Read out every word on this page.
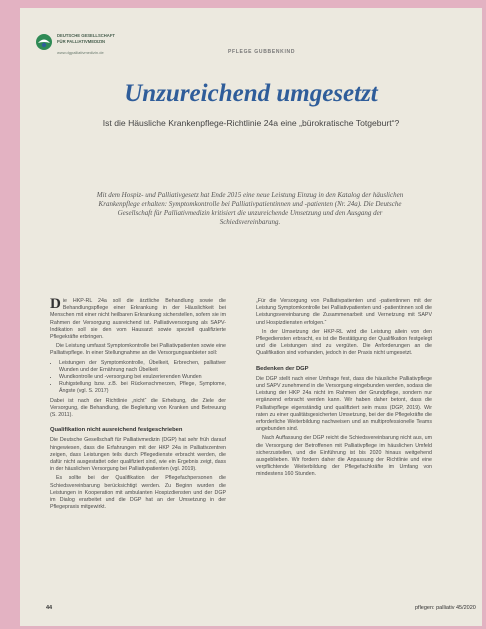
DEUTSCHE GESELLSCHAFT
FÜR PALLIATIVMEDIZIN
www.dgpalliativmedizin.de	PFLEGE GUBBENKIND
Unzureichend umgesetzt
Ist die Häusliche Krankenpflege-Richtlinie 24a eine „bürokratische Totgeburt“?
Mit dem Hospiz- und Palliativgesetz hat Ende 2015 eine neue Leistung Einzug in den Katalog der häuslichen Krankenpflege erhalten: Symptomkontrolle bei Palliativpatientinnen und -patienten (Nr. 24a). Die Deutsche Gesellschaft für Palliativmedizin kritisiert die unzureichende Umsetzung und den Ausgang der Schiedsvereinbarung.

Die HKP-RL 24a soll die ärztliche Behandlung sowie die Behandlungspflege einer Erkrankung in der Häuslichkeit bei Menschen mit einer nicht heilbaren Erkrankung sicherstellen, sofern sie im Rahmen der Versorgung ausreichend ist. Palliativversorgung als SAPV-Indikation soll sie den vom Hausarzt sowie speziell qualifizierte Pflegekräfte erbringen.

Die Leistung umfasst Symptomkontrolle bei Palliativpatienten sowie eine Palliativpflege. In einer Stellungnahme an die Versorgungsanbieter soll:

• Leistungen der Symptomkontrolle, Übelkeit, Erbrechen, palliativer Wunden und der Ernährung nach Übelkeit
• Wundkontrolle und -versorgung bei exulzerierenden Wunden
• Ruhigstellung bzw. z.B. bei Rückenschmerzen, Pflege, Symptome, Ängste (vgl. S. 2017)

Dabei ist nach der Richtlinie „nicht“ die Erhebung, die Ziele der Versorgung, die Behandlung, die Begleitung von Kranken und Betreuung (S. 2011).

Qualifikation nicht ausreichend festgeschrieben

Die Deutsche Gesellschaft für Palliativmedizin (DGP) hat sehr früh darauf hingewiesen, dass die Erfahrungen mit der HKP 24a in Palliativzentren zeigen, dass Leistungen teils durch Pflegedienste erbracht werden, die dafür nicht ausgestattet oder qualifiziert sind, wie ein Ergebnis zeigt, dass in der häuslichen Versorgung bei Palliativpatienten (vgl. 2019).

Es sollte bei der Qualifikation der Pflegefachpersonen die Schiedsvereinbarung berücksichtigt werden. Zu Beginn wurden die Leistungen in Kooperation mit ambulanten Hospizdiensten und der DGP im Dialog erarbeitet und die DGP hat an der Umsetzung in der Pflegepraxis mitgewirkt.

„Für die Versorgung von Palliativpatienten und -patientinnen mit der Leistung Symptomkontrolle bei Palliativpatienten und -patientinnen soll die Leistungsvereinbarung die Zusammenarbeit und Vernetzung mit SAPV und Hospizdiensten erfolgen.“

In der Umsetzung der HKP-RL wird die Leistung allein von den Pflegediensten erbracht, es ist die Bestätigung der Qualifikation festgelegt und die Leistungen sind zu vergüten. Die Anforderungen an die Qualifikation sind vorhanden, jedoch in der Praxis nicht umgesetzt.

Bedenken der DGP

Die DGP stellt nach einer Umfrage fest, dass die häusliche Palliativpflege und SAPV zunehmend in die Versorgung eingebunden werden, sodass die Leistung der HKP 24a nicht im Rahmen der Grundpflege, sondern nur ergänzend erbracht werden kann. Wir haben daher betont, dass die Palliativpflege eigenständig und qualifiziert sein muss (DGP, 2019). Wir raten zu einer qualitätsgesicherten Umsetzung, bei der die Pflegekräfte die erforderliche Weiterbildung nachweisen und an multiprofessionelle Teams angebunden sind.

Nach Auffassung der DGP reicht die Schiedsvereinbarung nicht aus, um die Versorgung der Betroffenen mit Palliativpflege im häuslichen Umfeld sicherzustellen, und die Einführung ist bis 2020 hinaus weitgehend ausgeblieben. Wir fordern daher die Anpassung der Richtlinie und eine verpflichtende Weiterbildung der Pflegefachkräfte im Umfang von mindestens 160 Stunden.

44	pflegen: palliativ 45/2020
